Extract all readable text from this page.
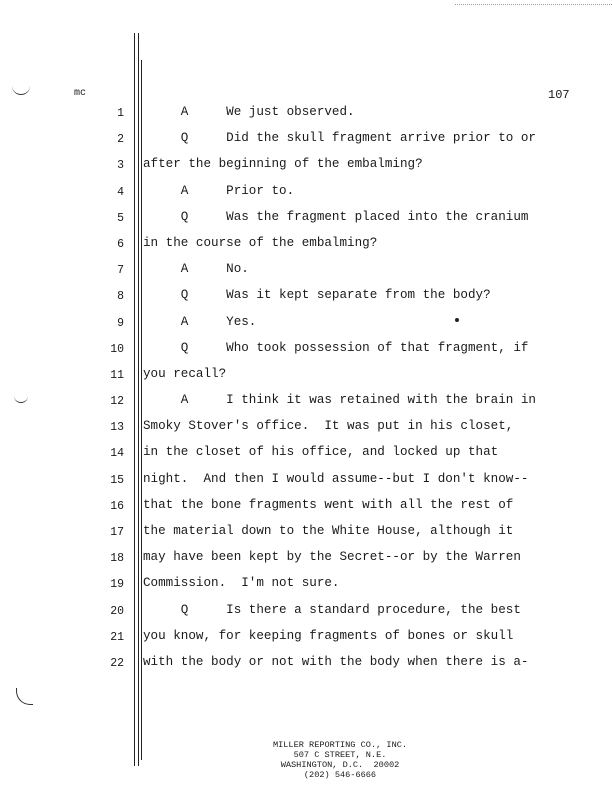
mc	107
1 A     We just observed.
2 Q     Did the skull fragment arrive prior to or
3 after the beginning of the embalming?
4 A     Prior to.
5 Q     Was the fragment placed into the cranium
6 in the course of the embalming?
7 A     No.
8 Q     Was it kept separate from the body?
9 A     Yes.
10 Q     Who took possession of that fragment, if
11 you recall?
12 A     I think it was retained with the brain in
13 Smoky Stover's office.  It was put in his closet,
14 in the closet of his office, and locked up that
15 night.  And then I would assume--but I don't know--
16 that the bone fragments went with all the rest of
17 the material down to the White House, although it
18 may have been kept by the Secret--or by the Warren
19 Commission.  I'm not sure.
20 Q     Is there a standard procedure, the best
21 you know, for keeping fragments of bones or skull
22 with the body or not with the body when there is a-
MILLER REPORTING CO., INC.
507 C STREET, N.E.
WASHINGTON, D.C.  20002
(202) 546-6666
